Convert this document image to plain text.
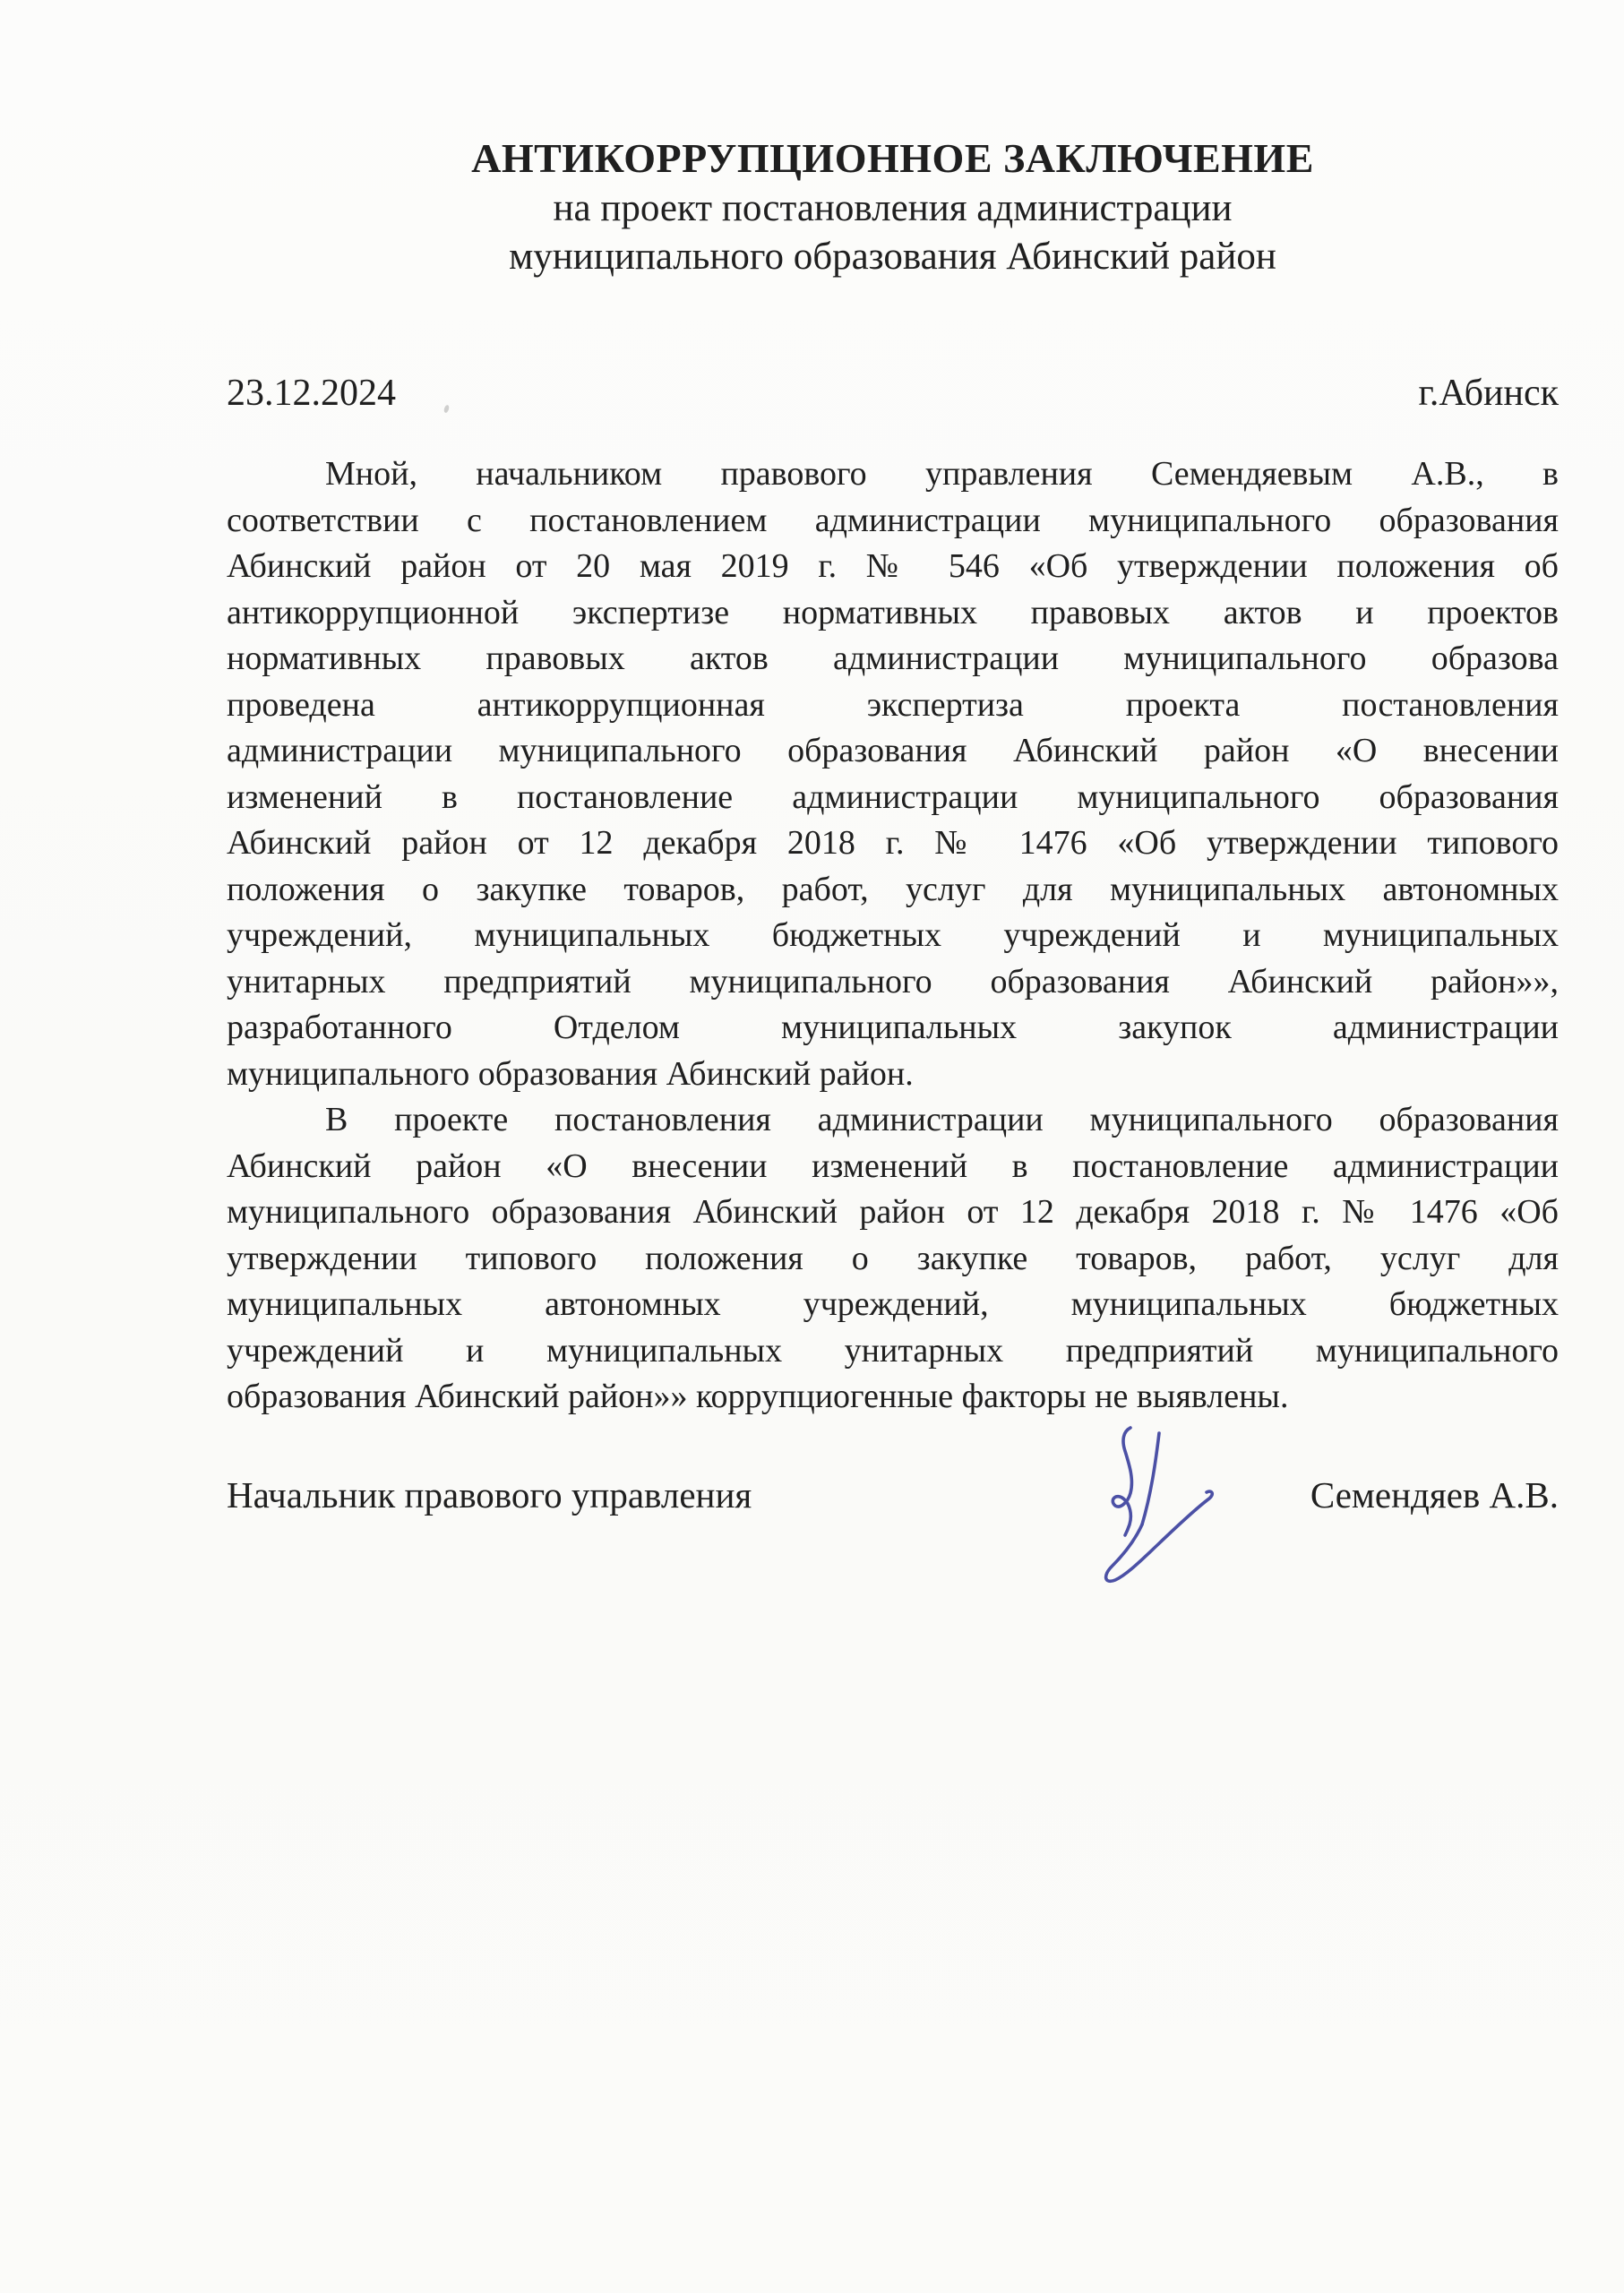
АНТИКОРРУПЦИОННОЕ ЗАКЛЮЧЕНИЕ
на проект постановления администрации
муниципального образования Абинский район
23.12.2024	г.Абинск
Мной, начальником правового управления Семендяевым А.В., в
соответствии с постановлением администрации муниципального образования
Абинский район от 20 мая 2019 г. № 546 «Об утверждении положения об
антикоррупционной экспертизе нормативных правовых актов и проектов
нормативных правовых актов администрации муниципального образова
проведена антикоррупционная экспертиза проекта постановления
администрации муниципального образования Абинский район «О внесении
изменений в постановление администрации муниципального образования
Абинский район от 12 декабря 2018 г. № 1476 «Об утверждении типового
положения о закупке товаров, работ, услуг для муниципальных автономных
учреждений, муниципальных бюджетных учреждений и муниципальных
унитарных предприятий муниципального образования Абинский район»»,
разработанного Отделом муниципальных закупок администрации
муниципального образования Абинский район.
В проекте постановления администрации муниципального образования
Абинский район «О внесении изменений в постановление администрации
муниципального образования Абинский район от 12 декабря 2018 г. № 1476 «Об
утверждении типового положения о закупке товаров, работ, услуг для
муниципальных автономных учреждений, муниципальных бюджетных
учреждений и муниципальных унитарных предприятий муниципального
образования Абинский район»» коррупциогенные факторы не выявлены.
Начальник правового управления	Семендяев А.В.
